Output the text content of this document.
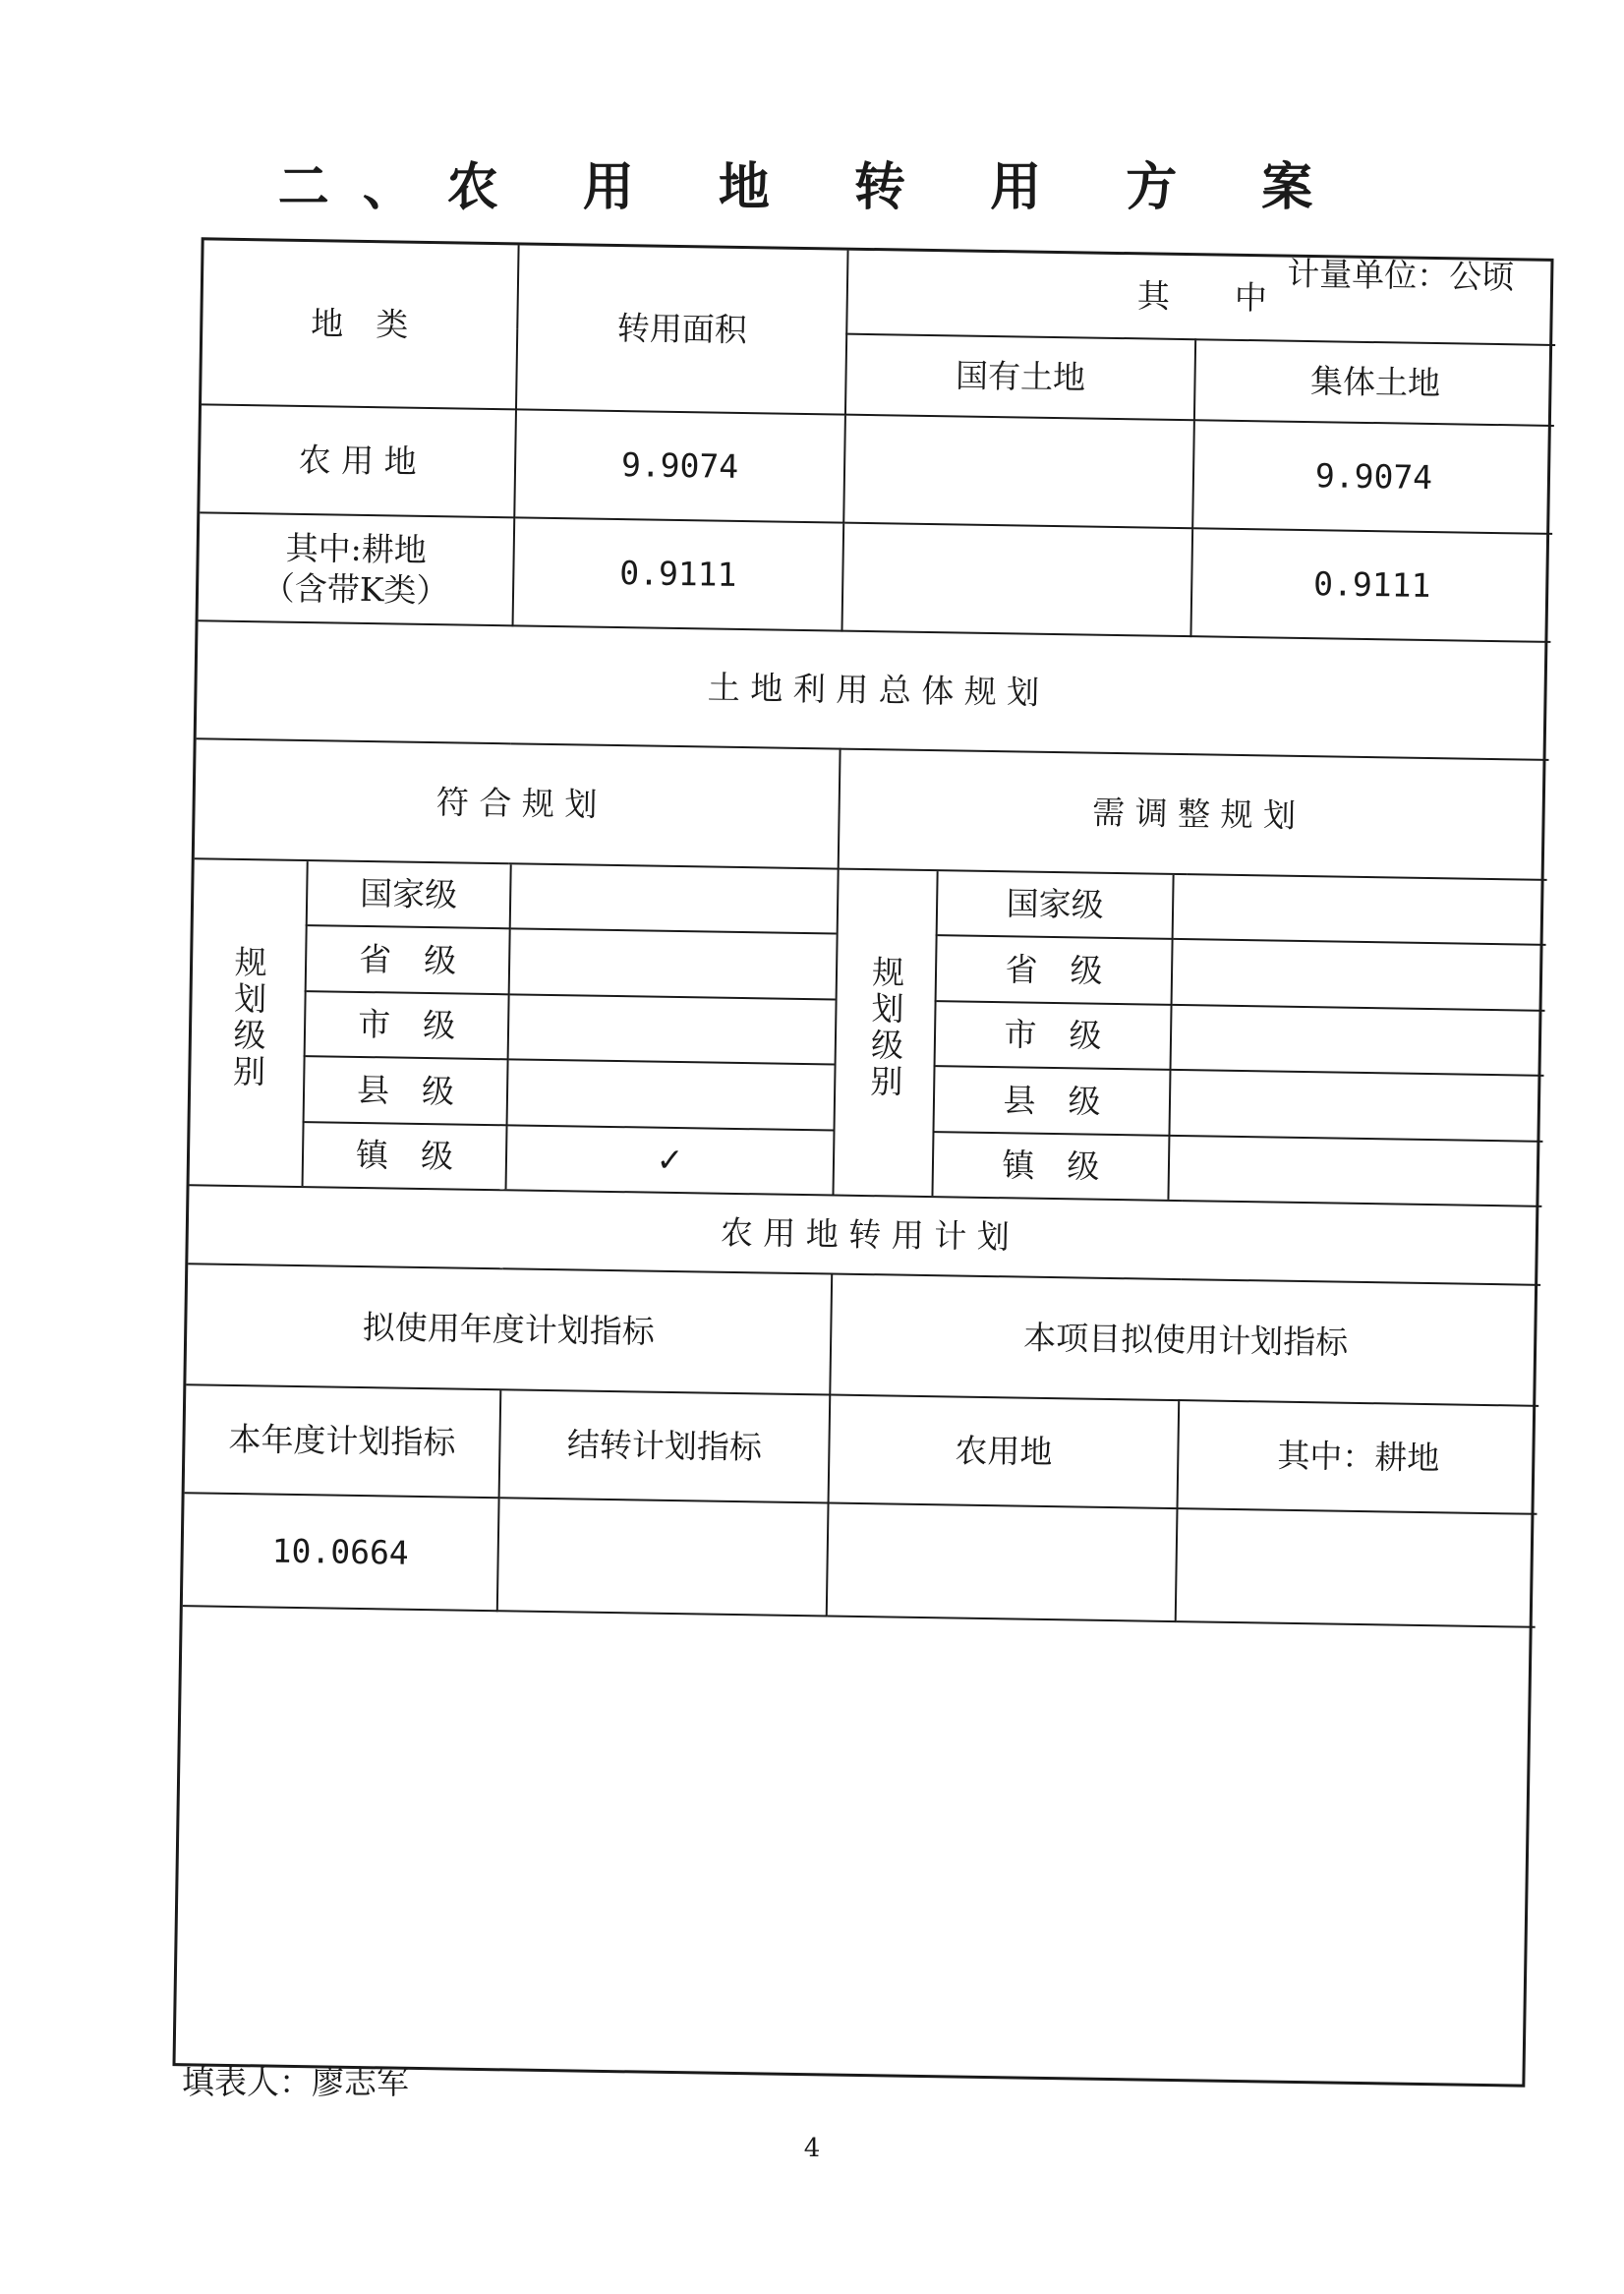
二、农 用 地 转 用 方 案
计量单位：公顷
地　类	转用面积	其　　中
国有土地	集体土地
农 用 地	9.9074		9.9074

其中:耕地
（含带K类）	0.9111		0.9111
土 地 利 用 总 体 规 划
符 合 规 划	需 调 整 规 划

规划级别	国家级	
省　级	
市　级	
县　级	
镇　级	✓

规划级别	国家级	
省　级	
市　级	
县　级	
镇　级	

农 用 地 转 用 计 划
拟使用年度计划指标	本项目拟使用计划指标
本年度计划指标	结转计划指标	农用地	其中：耕地
10.0664			

填表人：廖志军
4
